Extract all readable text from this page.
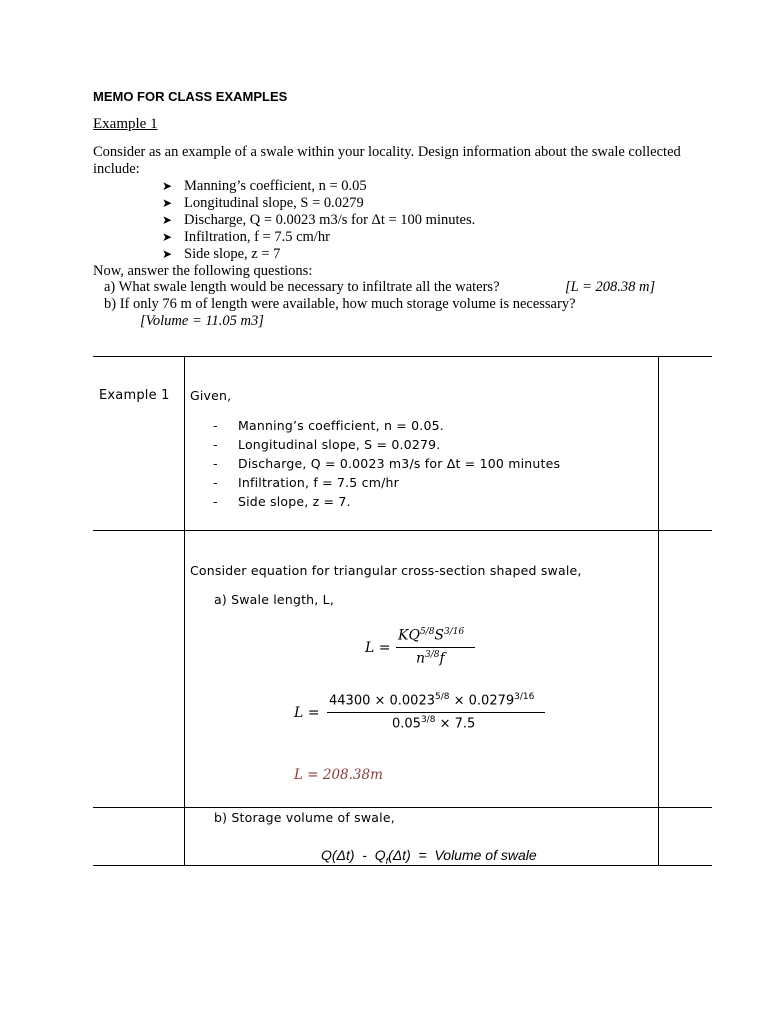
MEMO FOR CLASS EXAMPLES
Example 1
Consider as an example of a swale within your locality. Design information about the swale collected include:
➤ Manning’s coefficient, n = 0.05
➤ Longitudinal slope, S = 0.0279
➤ Discharge, Q = 0.0023 m3/s for Δt = 100 minutes.
➤ Infiltration, f = 7.5 cm/hr
➤ Side slope, z = 7
Now, answer the following questions:
a) What swale length would be necessary to infiltrate all the waters?	[L = 208.38 m]
b) If only 76 m of length were available, how much storage volume is necessary?
[Volume = 11.05 m3]
Example 1 Given,
- Manning’s coefficient, n = 0.05.
- Longitudinal slope, S = 0.0279.
- Discharge, Q = 0.0023 m3/s for Δt = 100 minutes
- Infiltration, f = 7.5 cm/hr
- Side slope, z = 7.
Consider equation for triangular cross-section shaped swale,
a) Swale length, L,
L =
$KQ^{5/8}S^{3/16}$
$n^{3/8}f$
L =
$44300 \times 0.0023^{5/8} \times 0.0279^{3/16}$
$0.05^{3/8} \times 7.5$
L = 208.38m
b) Storage volume of swale,
$Q(\Delta t) - Q_f(\Delta t)$  =  Volume of swale
